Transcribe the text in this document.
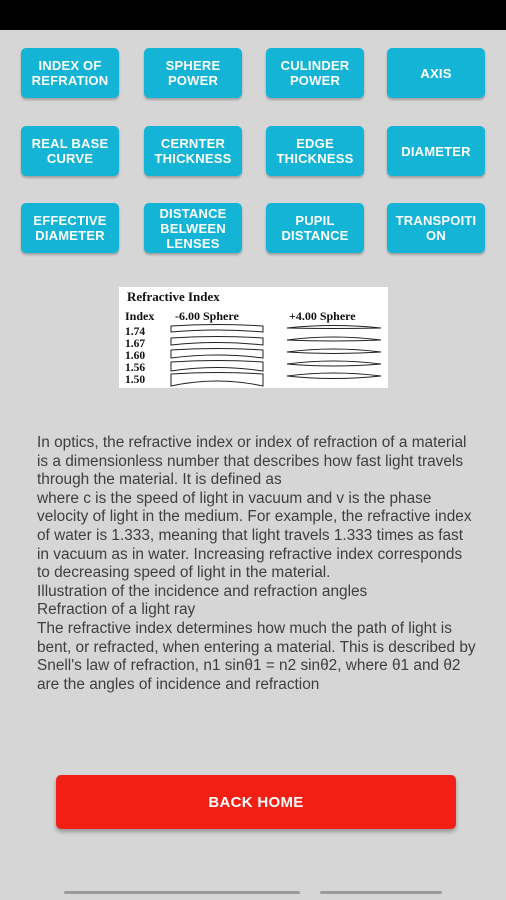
INDEX OF REFRATION
SPHERE POWER
CULINDER POWER	AXIS
REAL BASE CURVE
CERNTER THICKNESS
EDGE THICKNESS	DIAMETER
EFFECTIVE DIAMETER
DISTANCE BELWEEN LENSES
PUPIL DISTANCE
TRANSPOITI ON
Refractive Index
Index -6.00 Sphere	+4.00 Sphere
1.74
1.67
1.60
1.56
1.50

In optics, the refractive index or index of refraction of a material is a dimensionless number that describes how fast light travels through the material. It is defined as

where c is the speed of light in vacuum and v is the phase velocity of light in the medium. For example, the refractive index of water is 1.333, meaning that light travels 1.333 times as fast in vacuum as in water. Increasing refractive index corresponds to decreasing speed of light in the material.

Illustration of the incidence and refraction angles

Refraction of a light ray

The refractive index determines how much the path of light is bent, or refracted, when entering a material. This is described by Snell's law of refraction, n1 sinθ1 = n2 sinθ2, where θ1 and θ2 are the angles of incidence and refraction

BACK HOME
